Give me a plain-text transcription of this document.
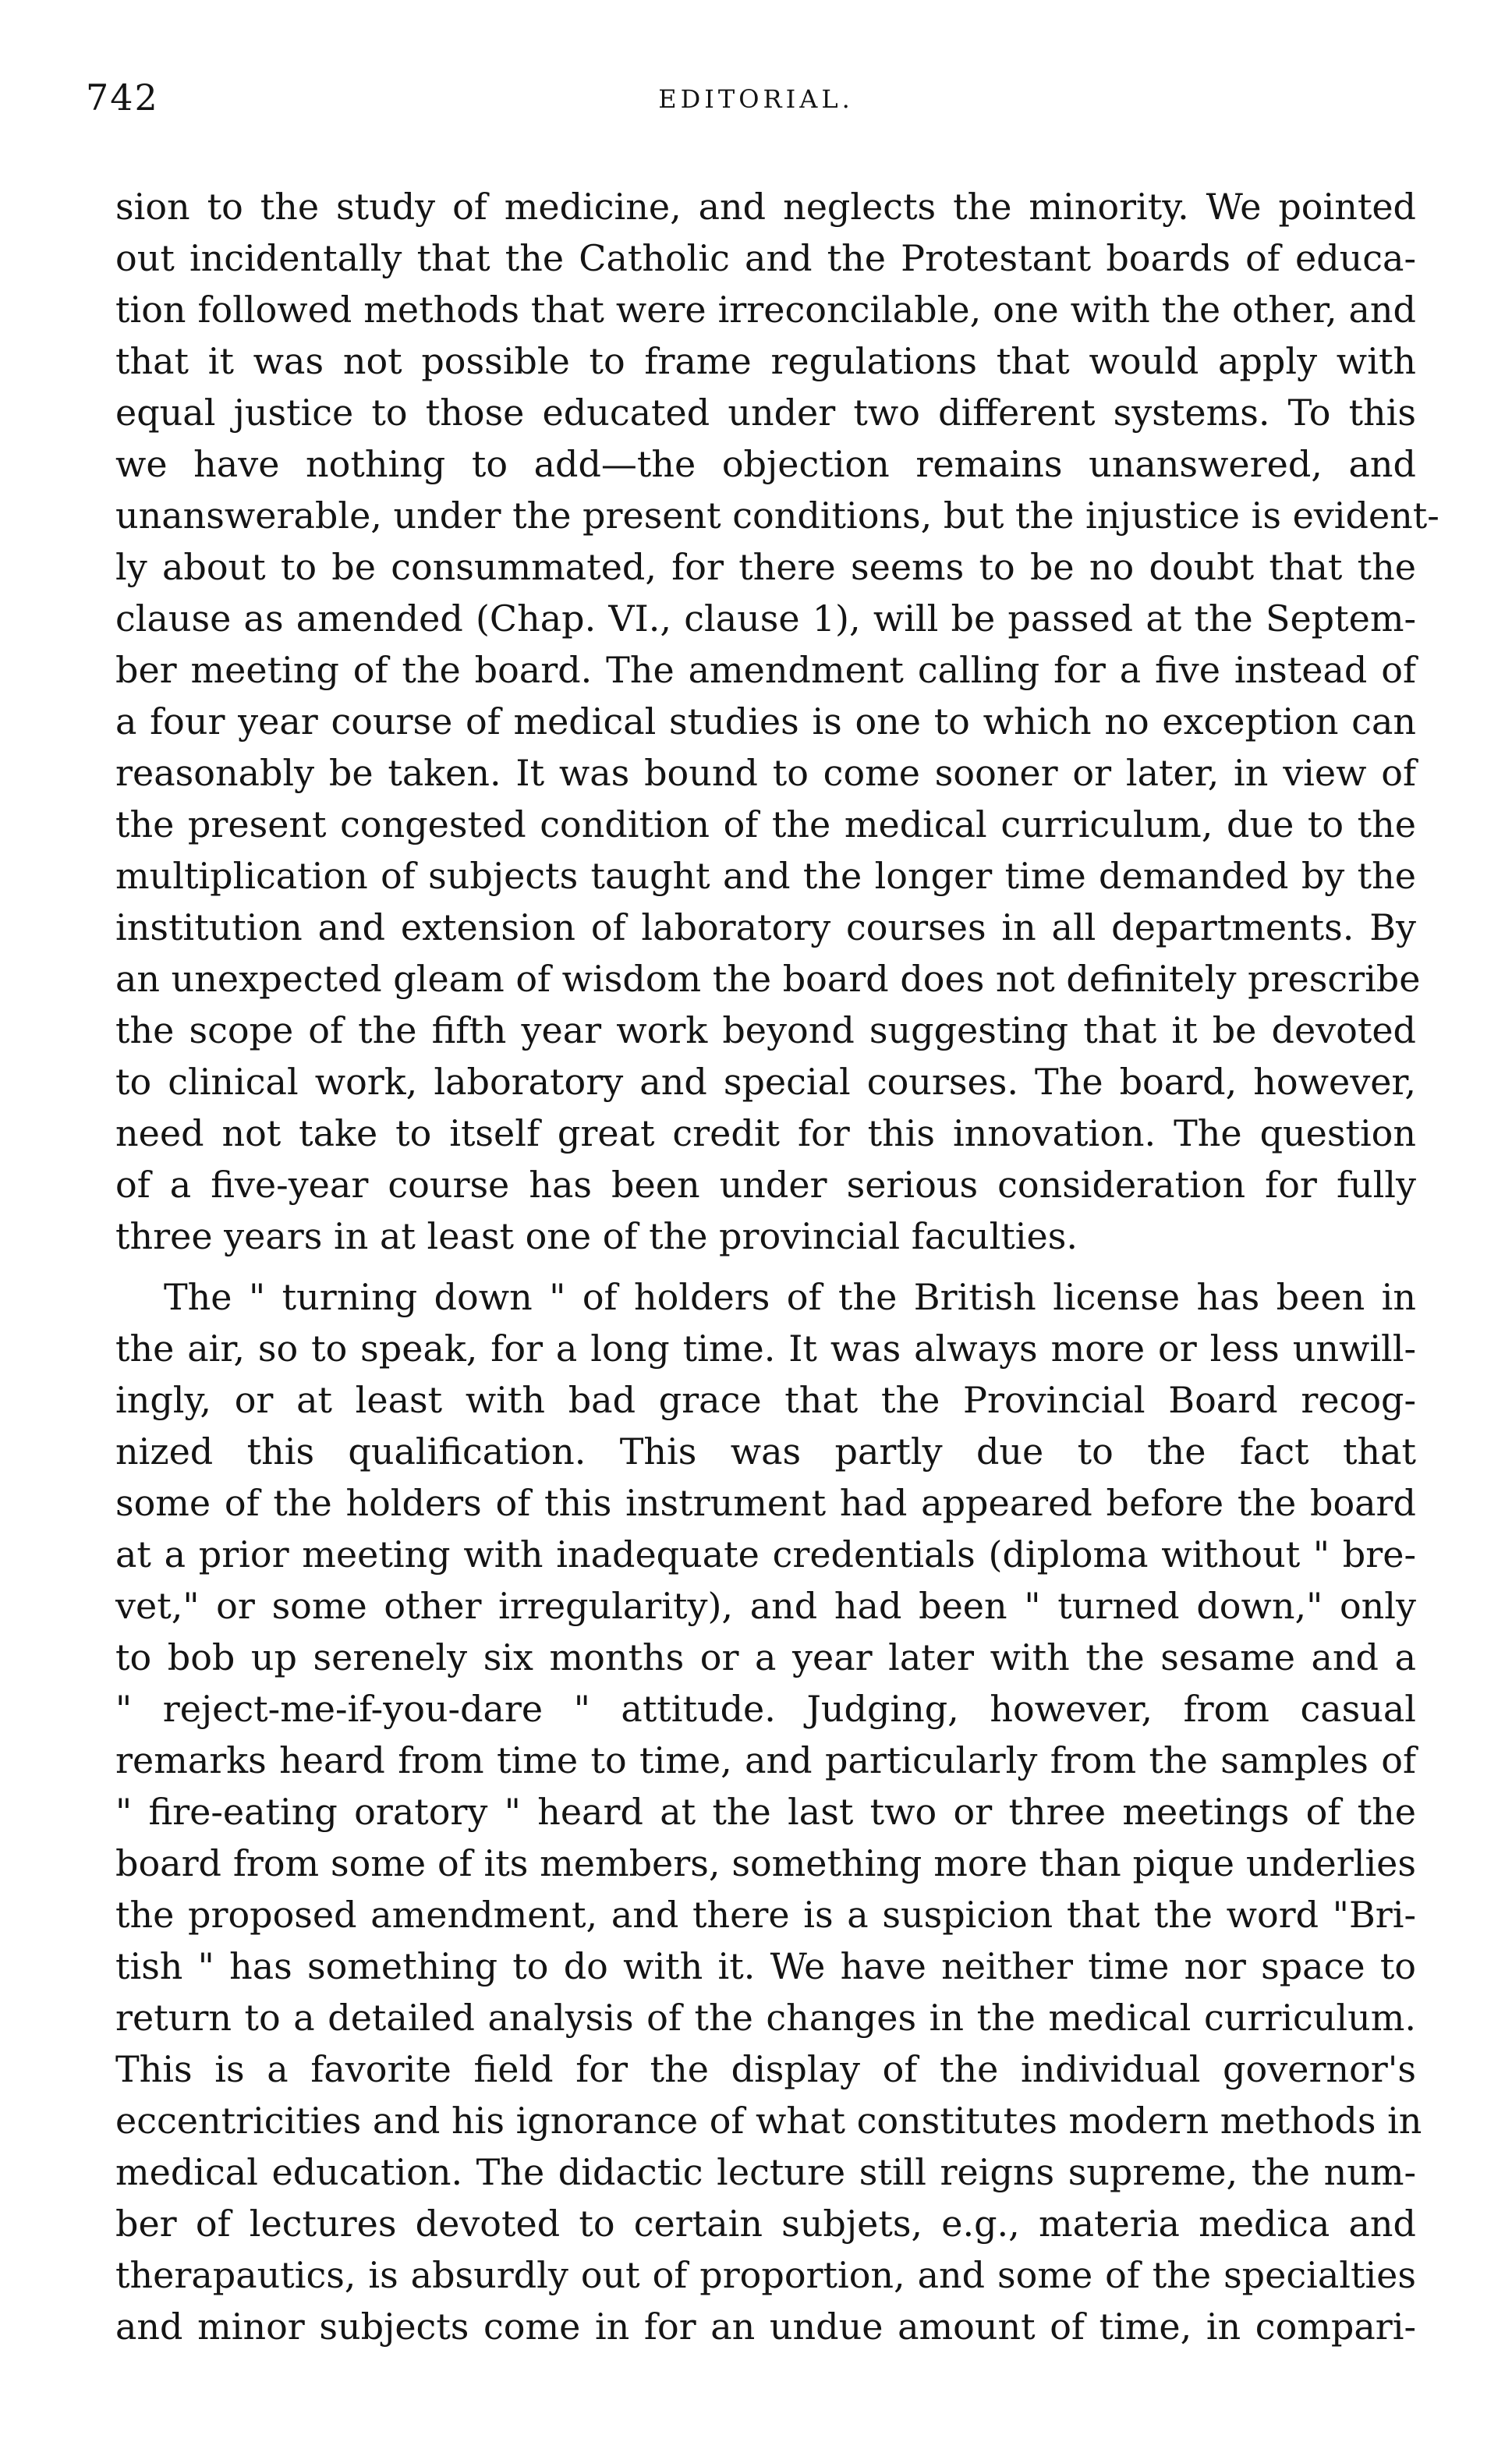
742	EDITORIAL.
sion to the study of medicine, and neglects the minority. We pointed
out incidentally that the Catholic and the Protestant boards of educa-
tion followed methods that were irreconcilable, one with the other, and
that it was not possible to frame regulations that would apply with
equal justice to those educated under two different systems. To this
we have nothing to add—the objection remains unanswered, and
unanswerable, under the present conditions, but the injustice is evident-
ly about to be consummated, for there seems to be no doubt that the
clause as amended (Chap. VI., clause 1), will be passed at the Septem-
ber meeting of the board. The amendment calling for a five instead of
a four year course of medical studies is one to which no exception can
reasonably be taken. It was bound to come sooner or later, in view of
the present congested condition of the medical curriculum, due to the
multiplication of subjects taught and the longer time demanded by the
institution and extension of laboratory courses in all departments. By
an unexpected gleam of wisdom the board does not definitely prescribe
the scope of the fifth year work beyond suggesting that it be devoted
to clinical work, laboratory and special courses. The board, however,
need not take to itself great credit for this innovation. The question
of a five-year course has been under serious consideration for fully
three years in at least one of the provincial faculties.
The " turning down " of holders of the British license has been in
the air, so to speak, for a long time. It was always more or less unwill-
ingly, or at least with bad grace that the Provincial Board recog-
nized this qualification. This was partly due to the fact that
some of the holders of this instrument had appeared before the board
at a prior meeting with inadequate credentials (diploma without " bre-
vet," or some other irregularity), and had been " turned down," only
to bob up serenely six months or a year later with the sesame and a
" reject-me-if-you-dare " attitude. Judging, however, from casual
remarks heard from time to time, and particularly from the samples of
" fire-eating oratory " heard at the last two or three meetings of the
board from some of its members, something more than pique underlies
the proposed amendment, and there is a suspicion that the word "Bri-
tish " has something to do with it. We have neither time nor space to
return to a detailed analysis of the changes in the medical curriculum.
This is a favorite field for the display of the individual governor's
eccentricities and his ignorance of what constitutes modern methods in
medical education. The didactic lecture still reigns supreme, the num-
ber of lectures devoted to certain subjets, e.g., materia medica and
therapautics, is absurdly out of proportion, and some of the specialties
and minor subjects come in for an undue amount of time, in compari-
